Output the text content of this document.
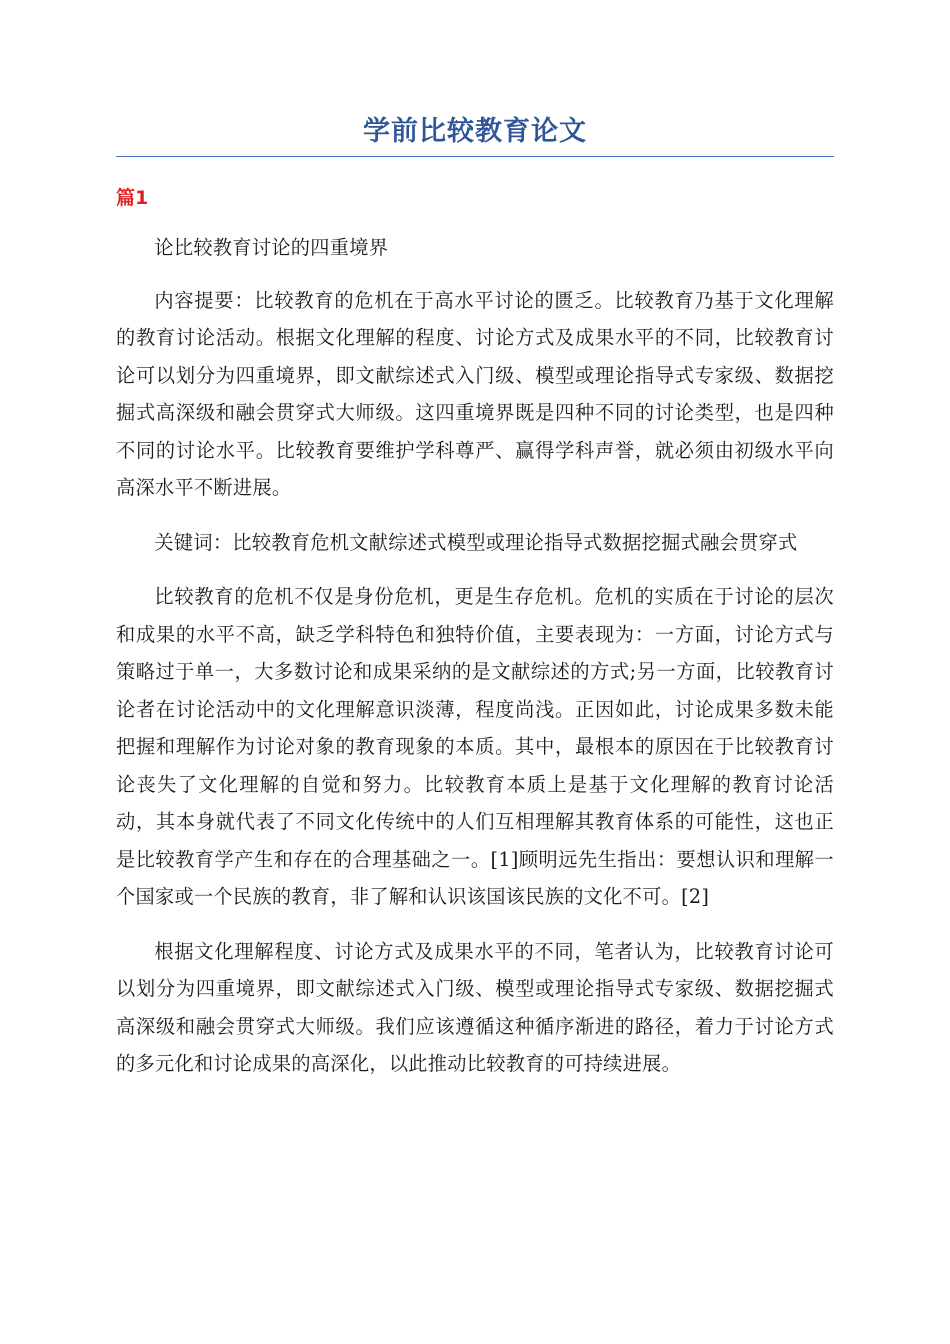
学前比较教育论文
篇1

论比较教育讨论的四重境界

内容提要：比较教育的危机在于高水平讨论的匮乏。比较教育乃基于文化理解的教育讨论活动。根据文化理解的程度、讨论方式及成果水平的不同，比较教育讨论可以划分为四重境界，即文献综述式入门级、模型或理论指导式专家级、数据挖掘式高深级和融会贯穿式大师级。这四重境界既是四种不同的讨论类型，也是四种不同的讨论水平。比较教育要维护学科尊严、赢得学科声誉，就必须由初级水平向高深水平不断进展。

关键词：比较教育危机文献综述式模型或理论指导式数据挖掘式融会贯穿式

比较教育的危机不仅是身份危机，更是生存危机。危机的实质在于讨论的层次和成果的水平不高，缺乏学科特色和独特价值，主要表现为：一方面，讨论方式与策略过于单一，大多数讨论和成果采纳的是文献综述的方式;另一方面，比较教育讨论者在讨论活动中的文化理解意识淡薄，程度尚浅。正因如此，讨论成果多数未能把握和理解作为讨论对象的教育现象的本质。其中，最根本的原因在于比较教育讨论丧失了文化理解的自觉和努力。比较教育本质上是基于文化理解的教育讨论活动，其本身就代表了不同文化传统中的人们互相理解其教育体系的可能性，这也正是比较教育学产生和存在的合理基础之一。[1]顾明远先生指出：要想认识和理解一个国家或一个民族的教育，非了解和认识该国该民族的文化不可。[2]

根据文化理解程度、讨论方式及成果水平的不同，笔者认为，比较教育讨论可以划分为四重境界，即文献综述式入门级、模型或理论指导式专家级、数据挖掘式高深级和融会贯穿式大师级。我们应该遵循这种循序渐进的路径，着力于讨论方式的多元化和讨论成果的高深化，以此推动比较教育的可持续进展。
